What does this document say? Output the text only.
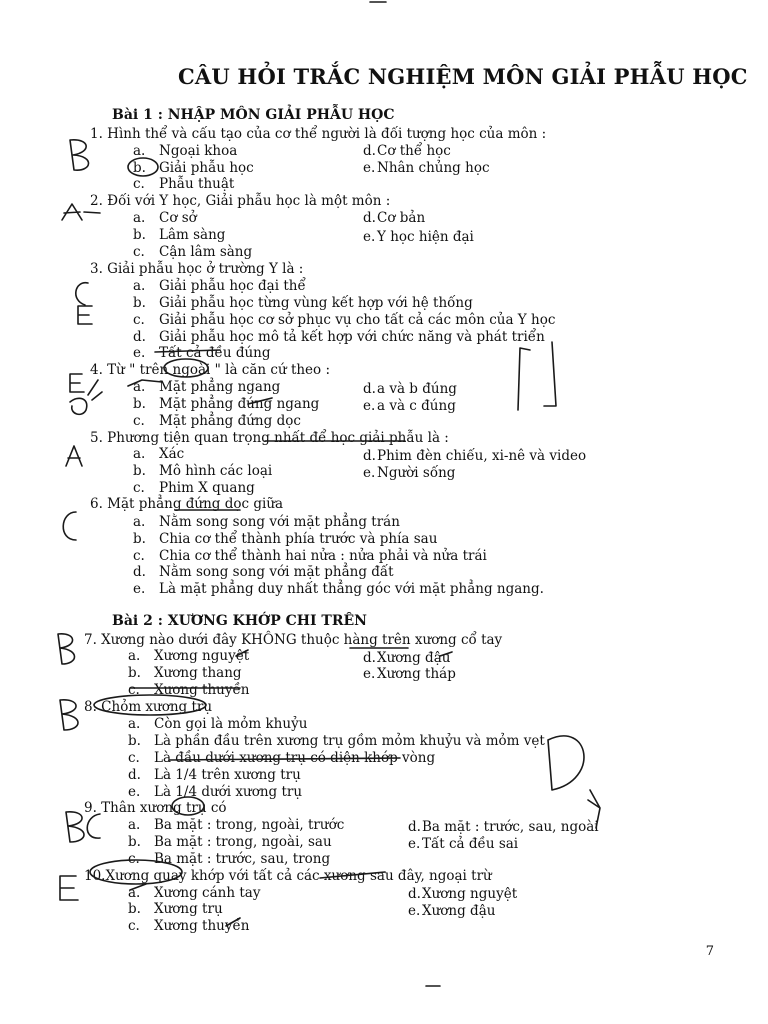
CÂU HỎI TRẮC NGHIỆM MÔN GIẢI PHẪU HỌC
Bài 1 : NHẬP MÔN GIẢI PHẪU HỌC
1. Hình thể và cấu tạo của cơ thể người là đối tượng học của môn :
a. Ngoại khoa	d.Cơ thể học
b. Giải phẫu học	e. Nhân chủng học
c. Phẫu thuật
2. Đối với Y học, Giải phẫu học là một môn :
a. Cơ sở	d.Cơ bản
b. Lâm sàng	e. Y học hiện đại
c. Cận lâm sàng
3. Giải phẫu học ở trường Y là :
a. Giải phẫu học đại thể
b. Giải phẫu học từng vùng kết hợp với hệ thống
c. Giải phẫu học cơ sở phục vụ cho tất cả các môn của Y học
d. Giải phẫu học mô tả kết hợp với chức năng và phát triển
e. Tất cả đều đúng
4. Từ " trên ngoài " là căn cứ theo :
a. Mặt phẳng ngang	d.a và b đúng
b. Mặt phẳng đứng ngang	e. a và c đúng
c. Mặt phẳng đứng dọc
5. Phương tiện quan trọng nhất để học giải phẫu là :
a. Xác	d.Phim đèn chiếu, xi-nê và video
b. Mô hình các loại	e. Người sống
c. Phim X quang
6. Mặt phẳng đứng dọc giữa
a. Nằm song song với mặt phẳng trán
b. Chia cơ thể thành phía trước và phía sau
c. Chia cơ thể thành hai nửa : nửa phải và nửa trái
d. Nằm song song với mặt phẳng đất
e. Là mặt phẳng duy nhất thẳng góc với mặt phẳng ngang.
Bài 2 : XƯƠNG KHỚP CHI TRÊN
7. Xương nào dưới đây KHÔNG thuộc hàng trên xương cổ tay
a. Xương nguyệt	d.Xương đậu
b. Xương thang	e. Xương tháp
c. Xương thuyền
8. Chỏm xương trụ
a. Còn gọi là mỏm khuỷu
b. Là phần đầu trên xương trụ gồm mỏm khuỷu và mỏm vẹt
c. Là đầu dưới xương trụ có diện khớp vòng
d. Là 1/4 trên xương trụ
e. Là 1/4 dưới xương trụ
9. Thân xương trụ có
a. Ba mặt : trong, ngoài, trước	d.Ba mặt : trước, sau, ngoài
b. Ba mặt : trong, ngoài, sau	e. Tất cả đều sai
c. Ba mặt : trước, sau, trong
10.Xương quay khớp với tất cả các xương sau đây, ngoại trừ
a. Xương cánh tay	d.Xương nguyệt
b. Xương trụ	e. Xương đậu
c. Xương thuyền
7
